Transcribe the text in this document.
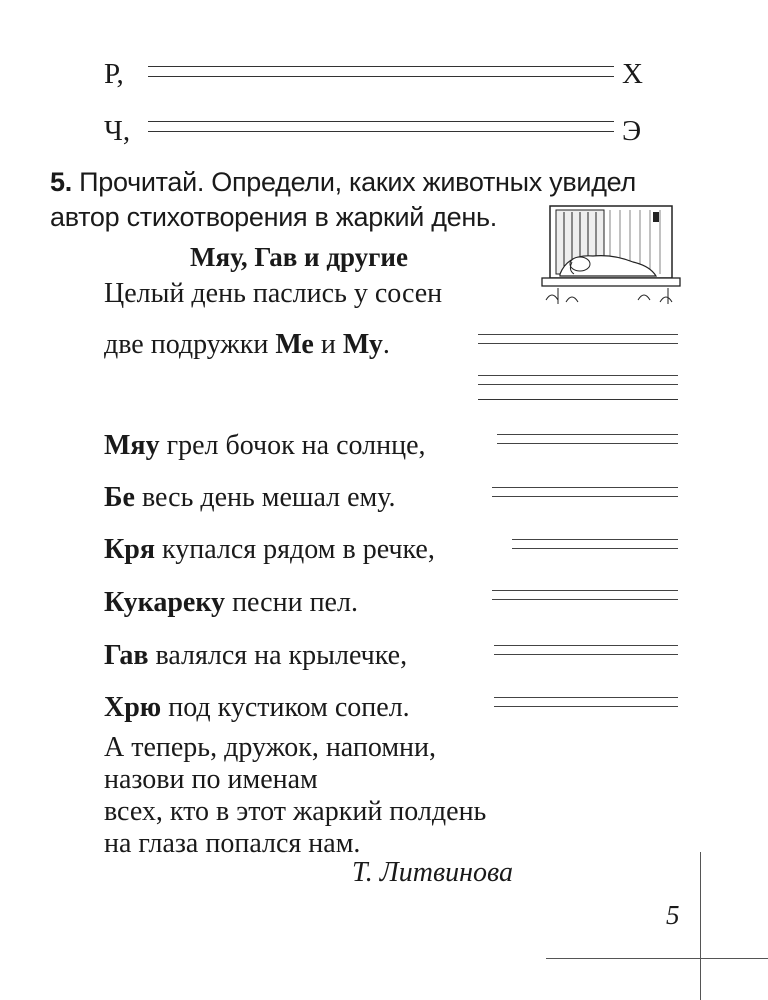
Р,	Х
Ч,	Э
5. Прочитай. Определи, каких животных увидел
автор стихотворения в жаркий день.
Мяу, Гав и другие
Целый день паслись у сосен
две подружки Ме и Му.
Мяу грел бочок на солнце,
Бе весь день мешал ему.
Кря купался рядом в речке,
Кукареку песни пел.
Гав валялся на крылечке,
Хрю под кустиком сопел.
А теперь, дружок, напомни,
назови по именам
всех, кто в этот жаркий полдень
на глаза попался нам.
Т. Литвинова
5
